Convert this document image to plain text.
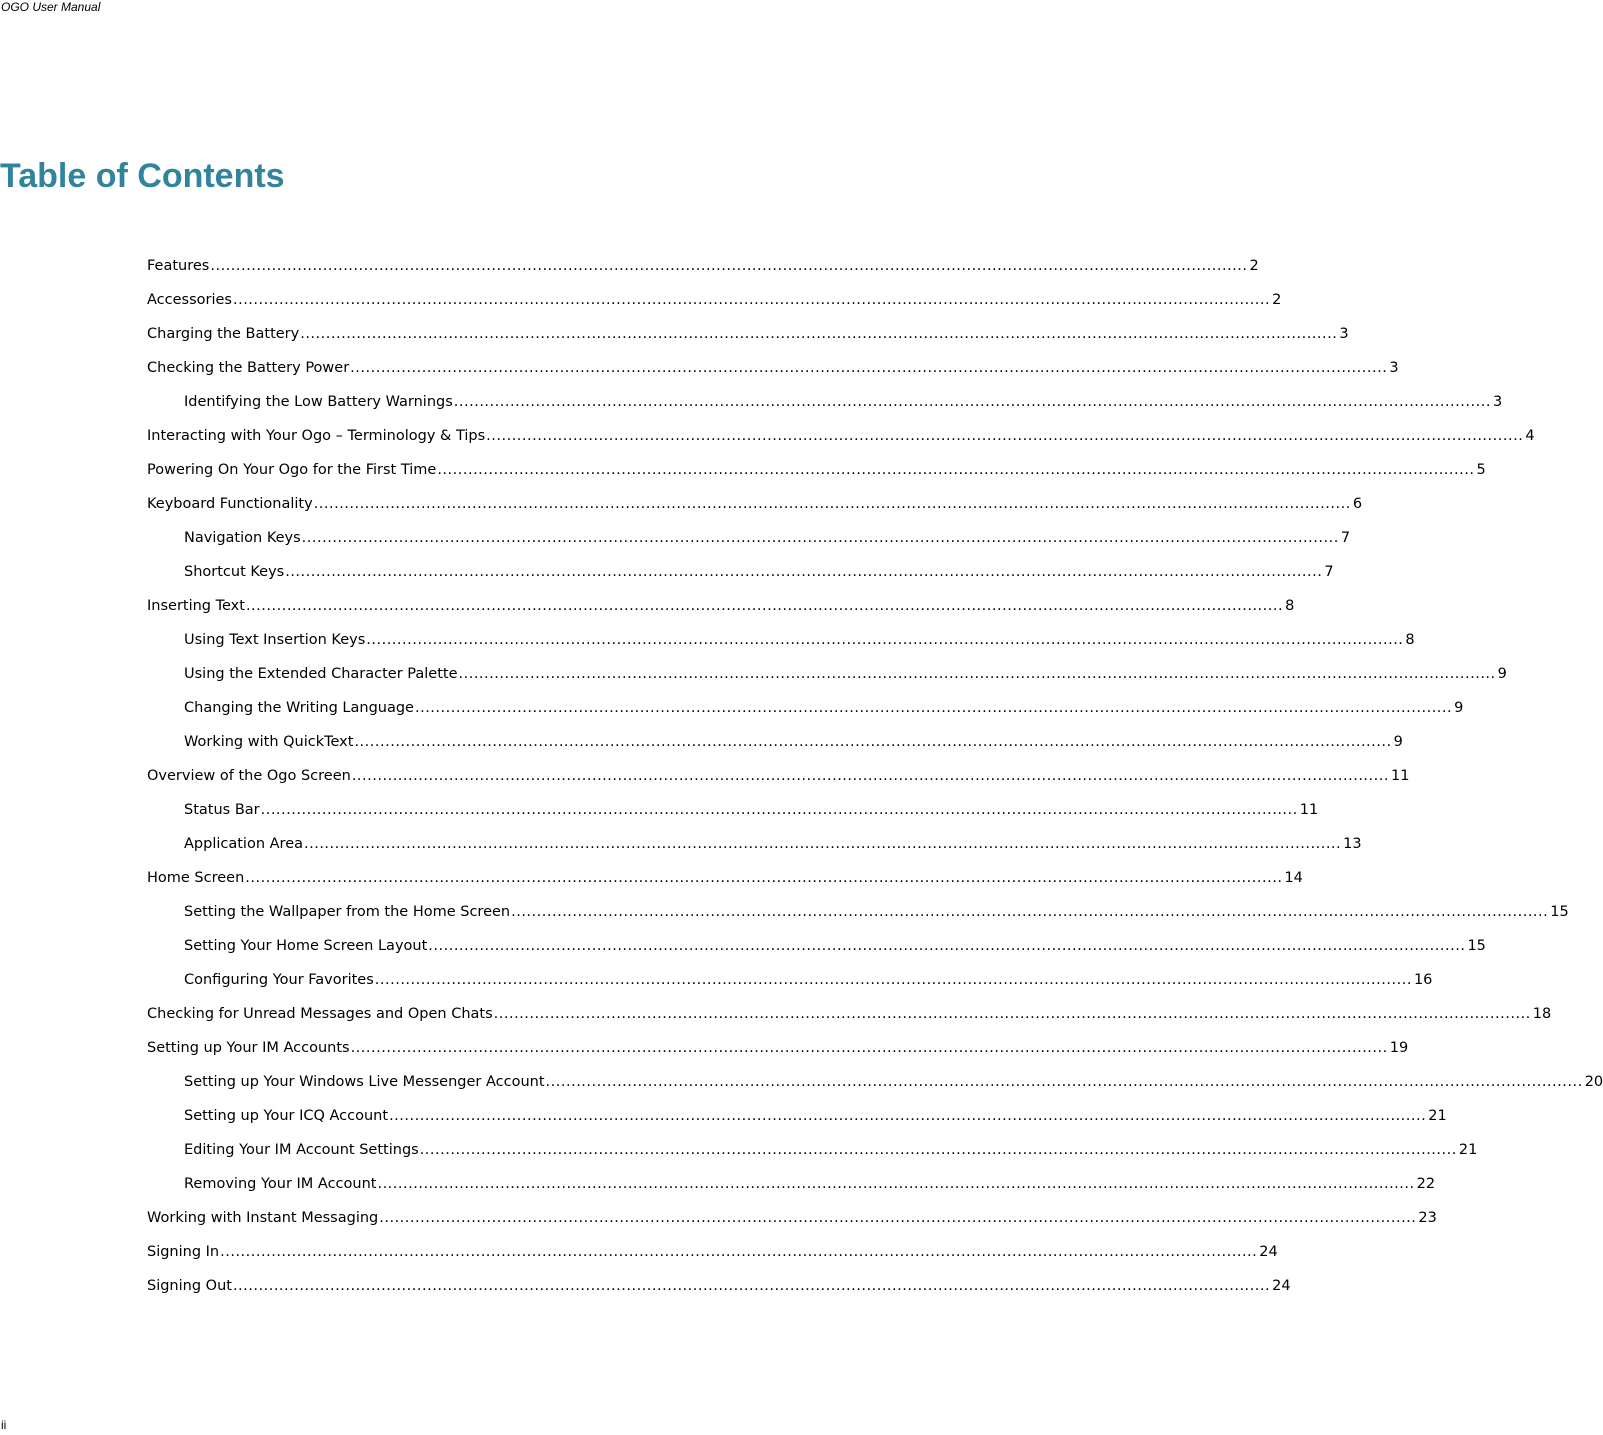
OGO User Manual
Table of Contents
Features .....	2
Accessories .....	2
Charging the Battery .....	3
Checking the Battery Power .....	3
Identifying the Low Battery Warnings .....	3
Interacting with Your Ogo – Terminology & Tips .....	4
Powering On Your Ogo for the First Time .....	5
Keyboard Functionality .....	6
Navigation Keys .....	7
Shortcut Keys .....	7
Inserting Text .....	8
Using Text Insertion Keys .....	8
Using the Extended Character Palette .....	9
Changing the Writing Language .....	9
Working with QuickText .....	9
Overview of the Ogo Screen .....	11
Status Bar .....	11
Application Area .....	13
Home Screen .....	14
Setting the Wallpaper from the Home Screen .....	15
Setting Your Home Screen Layout .....	15
Configuring Your Favorites .....	16
Checking for Unread Messages and Open Chats .....	18
Setting up Your IM Accounts .....	19
Setting up Your Windows Live Messenger Account .....	20
Setting up Your ICQ Account .....	21
Editing Your IM Account Settings .....	21
Removing Your IM Account .....	22
Working with Instant Messaging .....	23
Signing In .....	24
Signing Out .....	24
ii
